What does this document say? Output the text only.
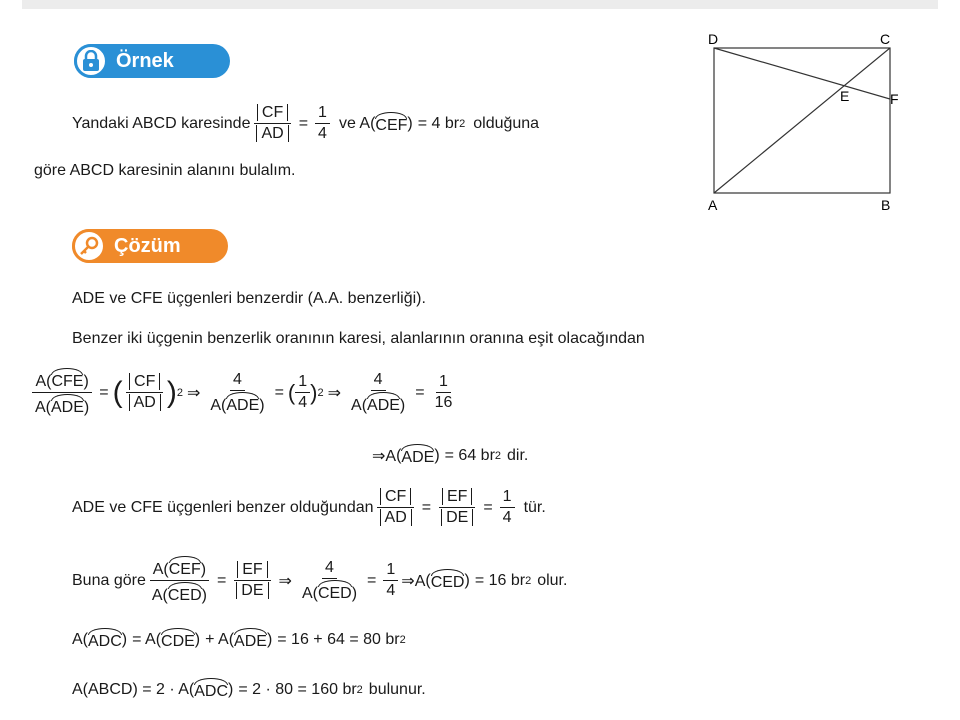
Örnek
Yandaki ABCD karesinde $\frac{CF}{AD} = \frac{1}{4}$ ve A ( CEF ) = 4 br 2 olduğuna
göre ABCD karesinin alanını bulalım.
D	C
E	F
A	B
Çözüm
ADE ve CFE üçgenleri benzerdir (A.A. benzerliği).
Benzer iki üçgenin benzerlik oranının karesi, alanlarının oranına eşit olacağından
$\frac{\text{A(CFE)}}{\text{A(ADE)}}$ = ( $\frac{CF}{AD}$ ) 2 ⇒ $\frac{4}{\text{A(ADE)}}$ = ( $\frac{1}{4}$ ) 2 ⇒ $\frac{4}{\text{A(ADE)}} = \frac{1}{16}$
⇒A ( ADE ) = 64 br 2 dir.
ADE ve CFE üçgenleri benzer olduğundan $\frac{CF}{AD} = \frac{EF}{DE} = \frac{1}{4}$ tür.
Buna göre $\frac{\text{A(CEF)}}{\text{A(CED)}} = \frac{EF}{DE}$ ⇒ $\frac{4}{\text{A(CED)}} = \frac{1}{4}$ ⇒A ( CED ) = 16 br 2 olur.
A ( ADC ) = A ( CDE ) + A ( ADE ) = 16 + 64 = 80 br 2
A(ABCD) = 2 · A ( ADC ) = 2 · 80 = 160 br 2 bulunur.
